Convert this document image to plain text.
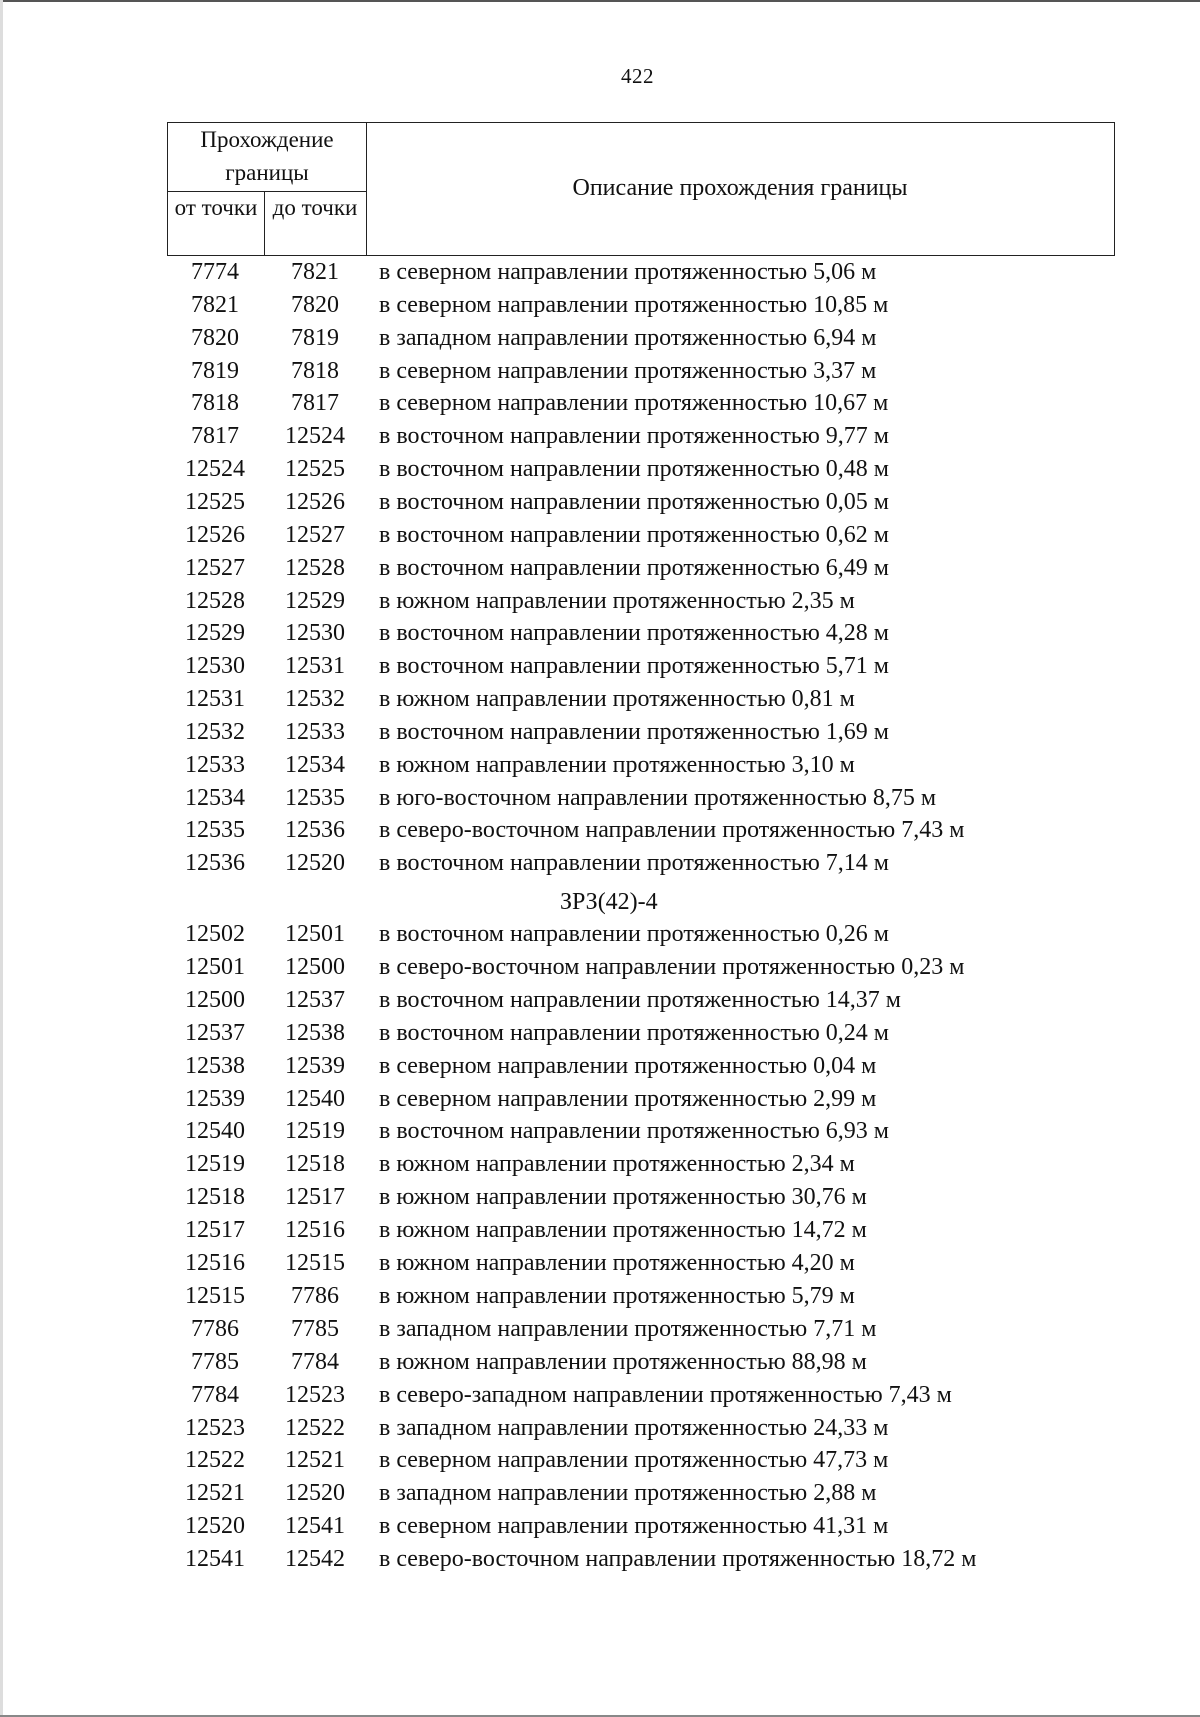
422
Прохождение границы
от точки до точки
Описание прохождения границы
7774	7821	в северном направлении протяженностью 5,06 м
7821	7820	в северном направлении протяженностью 10,85 м
7820	7819	в западном направлении протяженностью 6,94 м
7819	7818	в северном направлении протяженностью 3,37 м
7818	7817	в северном направлении протяженностью 10,67 м
7817	12524	в восточном направлении протяженностью 9,77 м
12524	12525	в восточном направлении протяженностью 0,48 м
12525	12526	в восточном направлении протяженностью 0,05 м
12526	12527	в восточном направлении протяженностью 0,62 м
12527	12528	в восточном направлении протяженностью 6,49 м
12528	12529	в южном направлении протяженностью 2,35 м
12529	12530	в восточном направлении протяженностью 4,28 м
12530	12531	в восточном направлении протяженностью 5,71 м
12531	12532	в южном направлении протяженностью 0,81 м
12532	12533	в восточном направлении протяженностью 1,69 м
12533	12534	в южном направлении протяженностью 3,10 м
12534	12535	в юго-восточном направлении протяженностью 8,75 м
12535	12536	в северо-восточном направлении протяженностью 7,43 м
12536	12520	в восточном направлении протяженностью 7,14 м
ЗРЗ(42)-4
12502	12501	в восточном направлении протяженностью 0,26 м
12501	12500	в северо-восточном направлении протяженностью 0,23 м
12500	12537	в восточном направлении протяженностью 14,37 м
12537	12538	в восточном направлении протяженностью 0,24 м
12538	12539	в северном направлении протяженностью 0,04 м
12539	12540	в северном направлении протяженностью 2,99 м
12540	12519	в восточном направлении протяженностью 6,93 м
12519	12518	в южном направлении протяженностью 2,34 м
12518	12517	в южном направлении протяженностью 30,76 м
12517	12516	в южном направлении протяженностью 14,72 м
12516	12515	в южном направлении протяженностью 4,20 м
12515	7786	в южном направлении протяженностью 5,79 м
7786	7785	в западном направлении протяженностью 7,71 м
7785	7784	в южном направлении протяженностью 88,98 м
7784	12523	в северо-западном направлении протяженностью 7,43 м
12523	12522	в западном направлении протяженностью 24,33 м
12522	12521	в северном направлении протяженностью 47,73 м
12521	12520	в западном направлении протяженностью 2,88 м
12520	12541	в северном направлении протяженностью 41,31 м
12541	12542	в северо-восточном направлении протяженностью 18,72 м
